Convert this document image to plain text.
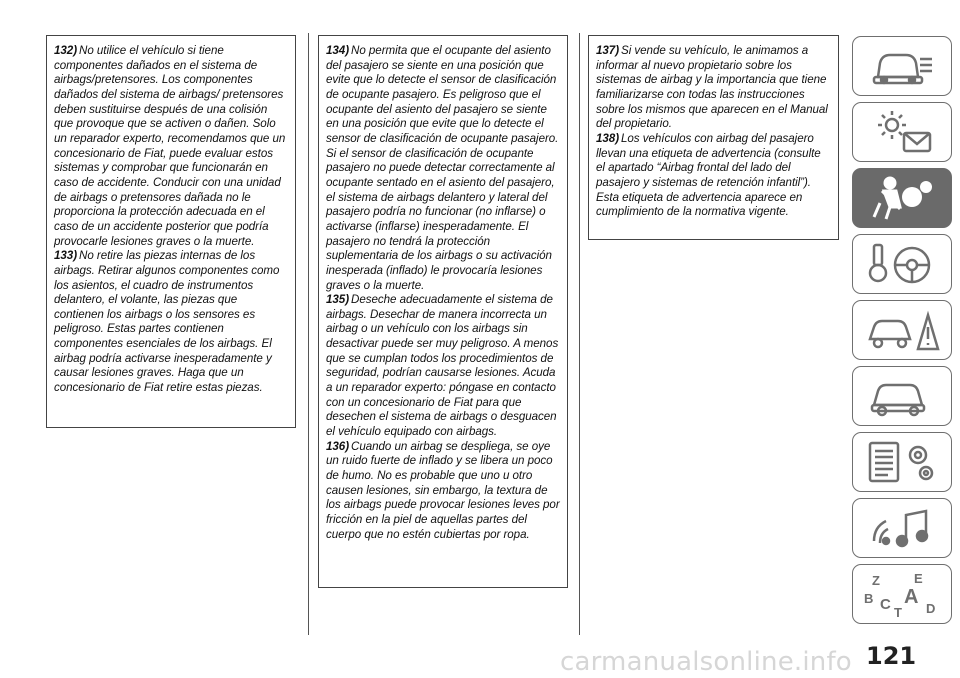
132) No utilice el vehículo si tiene componentes dañados en el sistema de airbags/pretensores. Los componentes dañados del sistema de airbags/ pretensores deben sustituirse después de una colisión que provoque que se activen o dañen. Solo un reparador experto, recomendamos que un concesionario de Fiat, puede evaluar estos sistemas y comprobar que funcionarán en caso de accidente. Conducir con una unidad de airbags o pretensores dañada no le proporciona la protección adecuada en el caso de un accidente posterior que podría provocarle lesiones graves o la muerte.

133) No retire las piezas internas de los airbags. Retirar algunos componentes como los asientos, el cuadro de instrumentos delantero, el volante, las piezas que contienen los airbags o los sensores es peligroso. Estas partes contienen componentes esenciales de los airbags. El airbag podría activarse inesperadamente y causar lesiones graves. Haga que un concesionario de Fiat retire estas piezas.

134) No permita que el ocupante del asiento del pasajero se siente en una posición que evite que lo detecte el sensor de clasificación de ocupante pasajero. Es peligroso que el ocupante del asiento del pasajero se siente en una posición que evite que lo detecte el sensor de clasificación de ocupante pasajero. Si el sensor de clasificación de ocupante pasajero no puede detectar correctamente al ocupante sentado en el asiento del pasajero, el sistema de airbags delantero y lateral del pasajero podría no funcionar (no inflarse) o activarse (inflarse) inesperadamente. El pasajero no tendrá la protección suplementaria de los airbags o su activación inesperada (inflado) le provocaría lesiones graves o la muerte.

135) Deseche adecuadamente el sistema de airbags. Desechar de manera incorrecta un airbag o un vehículo con los airbags sin desactivar puede ser muy peligroso. A menos que se cumplan todos los procedimientos de seguridad, podrían causarse lesiones. Acuda a un reparador experto: póngase en contacto con un concesionario de Fiat para que desechen el sistema de airbags o desguacen el vehículo equipado con airbags.

136) Cuando un airbag se despliega, se oye un ruido fuerte de inflado y se libera un poco de humo. No es probable que uno u otro causen lesiones, sin embargo, la textura de los airbags puede provocar lesiones leves por fricción en la piel de aquellas partes del cuerpo que no estén cubiertas por ropa.

137) Si vende su vehículo, le animamos a informar al nuevo propietario sobre los sistemas de airbag y la importancia que tiene familiarizarse con todas las instrucciones sobre los mismos que aparecen en el Manual del propietario.

138) Los vehículos con airbag del pasajero llevan una etiqueta de advertencia (consulte el apartado “Airbag frontal del lado del pasajero y sistemas de retención infantil”). Esta etiqueta de advertencia aparece en cumplimiento de la normativa vigente.

Z	E
B A
C T D
carmanualsonline.info 121
